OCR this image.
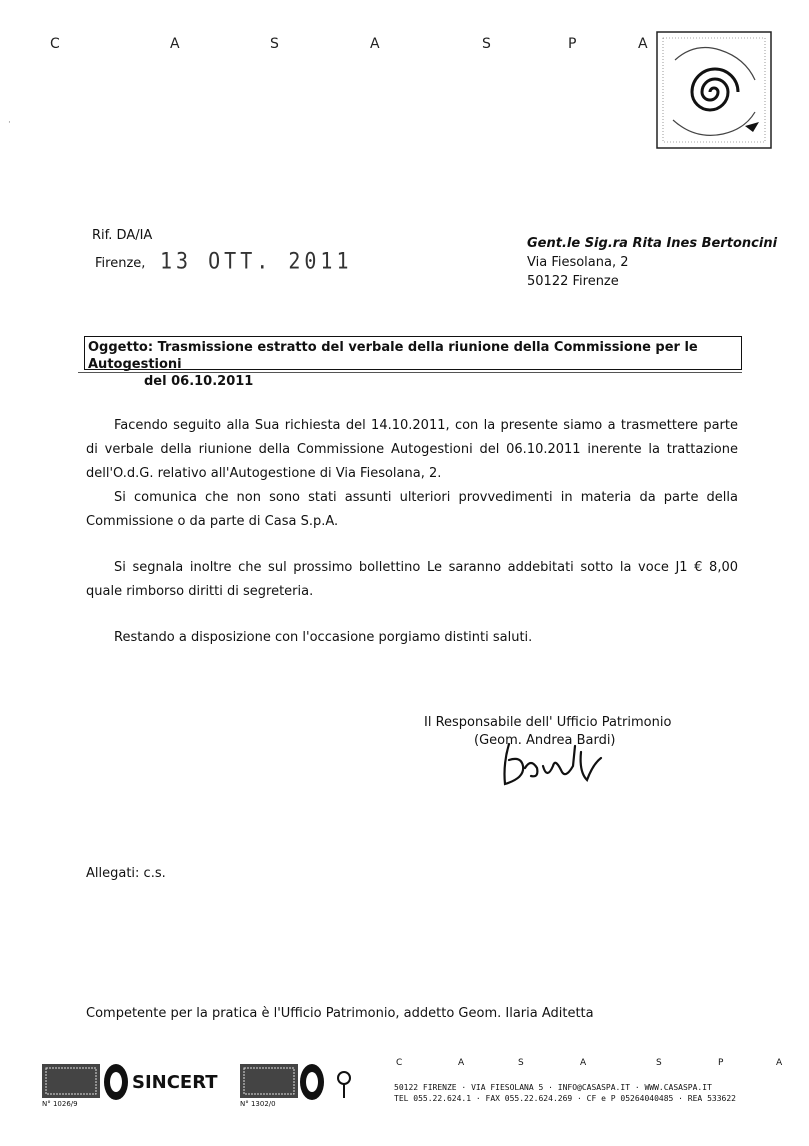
C	A	S	A	S	P	A
·
Rif. DA/IA
Firenze, 13 OTT. 2011
Gent.le Sig.ra Rita Ines Bertoncini
Via Fiesolana, 2
50122 Firenze
Oggetto: Trasmissione estratto del verbale della riunione della Commissione per le Autogestioni
del 06.10.2011

Facendo seguito alla Sua richiesta del 14.10.2011, con la presente siamo a trasmettere parte di verbale della riunione della Commissione Autogestioni del 06.10.2011 inerente la trattazione dell'O.d.G. relativo all'Autogestione di Via Fiesolana, 2.

Si comunica che non sono stati assunti ulteriori provvedimenti in materia da parte della Commissione o da parte di Casa S.p.A.

Si segnala inoltre che sul prossimo bollettino Le saranno addebitati sotto la voce J1 € 8,00 quale rimborso diritti di segreteria.

Restando a disposizione con l'occasione porgiamo distinti saluti.

Il Responsabile dell' Ufficio Patrimonio
(Geom. Andrea Bardi)
Allegati: c.s.
Competente per la pratica è l'Ufficio Patrimonio, addetto Geom. Ilaria Aditetta
SINCERT
N° 1026/9	N° 1302/0
C	A	S	A	S	P	A
50122 FIRENZE · VIA FIESOLANA 5 · INFO@CASASPA.IT · WWW.CASASPA.IT
TEL 055.22.624.1 · FAX 055.22.624.269 · CF e P 05264040485 · REA 533622
